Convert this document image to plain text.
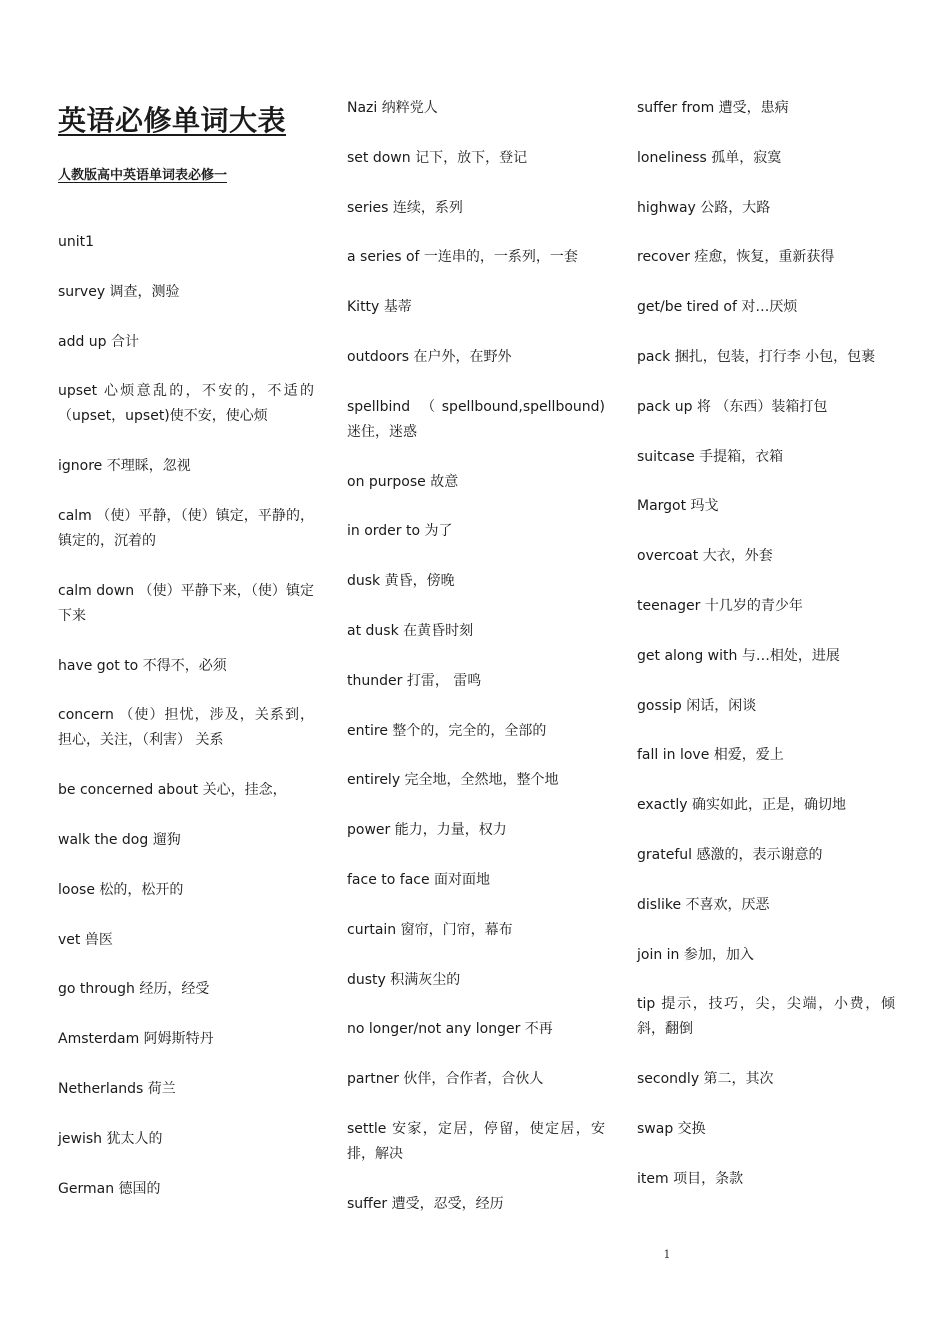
英语必修单词大表
人教版高中英语单词表必修一
unit1
survey 调查，测验
add up 合计
upset 心烦意乱的，不安的，不适的（upset，upset)使不安，使心烦
ignore 不理睬，忽视
calm （使）平静，（使）镇定，平静的，镇定的，沉着的
calm down （使）平静下来，（使）镇定下来
have got to 不得不，必须
concern （使）担忧，涉及，关系到，担心，关注，（利害） 关系
be concerned about 关心，挂念，
walk the dog 遛狗
loose 松的，松开的
vet 兽医
go through 经历，经受
Amsterdam 阿姆斯特丹
Netherlands 荷兰
jewish 犹太人的
German 德国的
Nazi 纳粹党人
set down 记下，放下，登记
series 连续，系列
a series of 一连串的，一系列，一套
Kitty 基蒂
outdoors 在户外，在野外
spellbind （spellbound,spellbound) 迷住，迷惑
on purpose 故意
in order to 为了
dusk 黄昏，傍晚
at dusk 在黄昏时刻
thunder 打雷， 雷鸣
entire 整个的，完全的，全部的
entirely 完全地，全然地，整个地
power 能力，力量，权力
face to face 面对面地
curtain 窗帘，门帘，幕布
dusty 积满灰尘的
no longer/not any longer 不再
partner 伙伴，合作者，合伙人
settle 安家，定居，停留，使定居，安排，解决
suffer 遭受，忍受，经历
suffer from 遭受，患病
loneliness 孤单，寂寞
highway 公路，大路
recover 痊愈，恢复，重新获得
get/be tired of 对…厌烦
pack 捆扎，包装，打行李 小包，包裹
pack up 将 （东西）装箱打包
suitcase 手提箱，衣箱
Margot 玛戈
overcoat 大衣，外套
teenager 十几岁的青少年
get along with 与…相处，进展
gossip 闲话，闲谈
fall in love 相爱，爱上
exactly 确实如此，正是，确切地
grateful 感激的，表示谢意的
dislike 不喜欢，厌恶
join in 参加，加入
tip 提示，技巧，尖，尖端，小费，倾斜，翻倒
secondly 第二，其次
swap 交换
item 项目，条款
1
